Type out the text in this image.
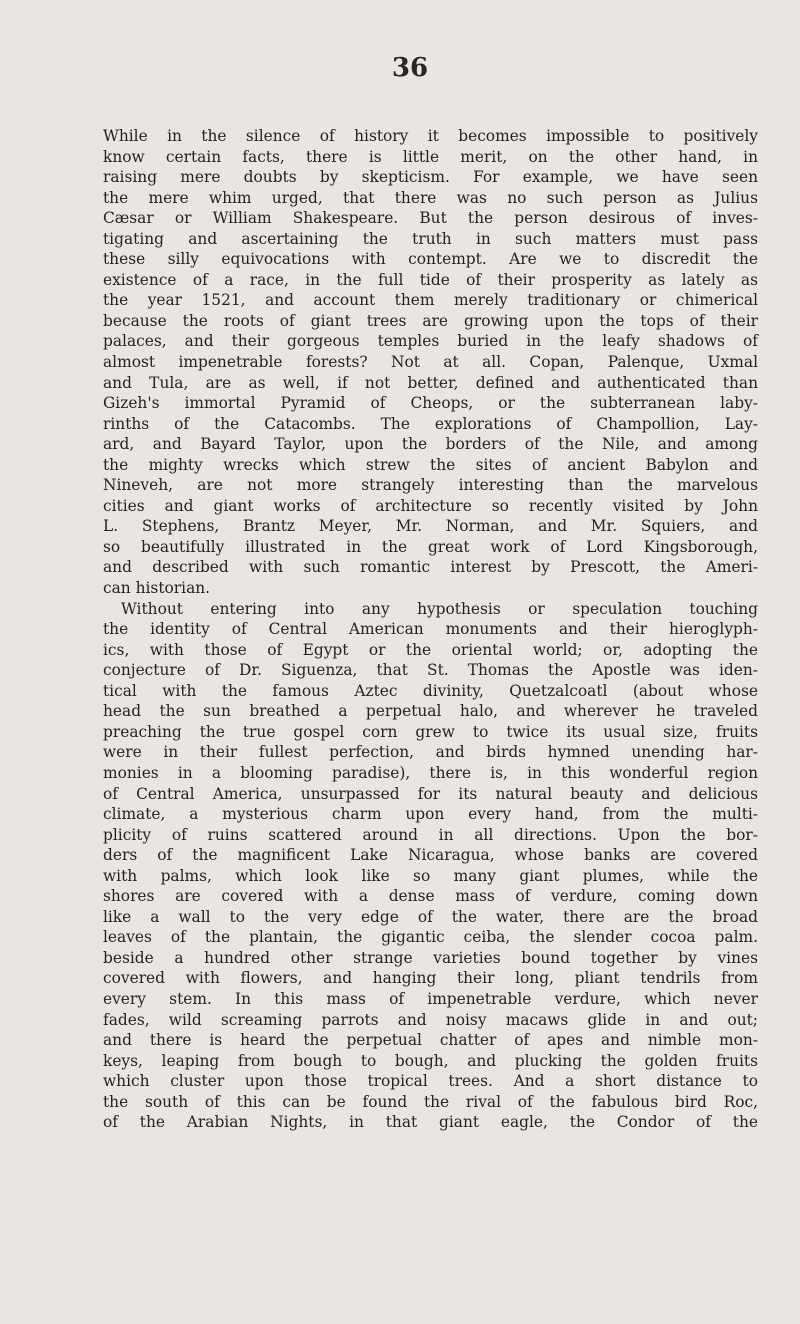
36
While in the silence of history it becomes impossible to positively
know certain facts, there is little merit, on the other hand, in
raising mere doubts by skepticism. For example, we have seen
the mere whim urged, that there was no such person as Julius
Cæsar or William Shakespeare. But the person desirous of inves-
tigating and ascertaining the truth in such matters must pass
these silly equivocations with contempt. Are we to discredit the
existence of a race, in the full tide of their prosperity as lately as
the year 1521, and account them merely traditionary or chimerical
because the roots of giant trees are growing upon the tops of their
palaces, and their gorgeous temples buried in the leafy shadows of
almost impenetrable forests? Not at all. Copan, Palenque, Uxmal
and Tula, are as well, if not better, defined and authenticated than
Gizeh's immortal Pyramid of Cheops, or the subterranean laby-
rinths of the Catacombs. The explorations of Champollion, Lay-
ard, and Bayard Taylor, upon the borders of the Nile, and among
the mighty wrecks which strew the sites of ancient Babylon and
Nineveh, are not more strangely interesting than the marvelous
cities and giant works of architecture so recently visited by John
L. Stephens, Brantz Meyer, Mr. Norman, and Mr. Squiers, and
so beautifully illustrated in the great work of Lord Kingsborough,
and described with such romantic interest by Prescott, the Ameri-
can historian.
Without entering into any hypothesis or speculation touching
the identity of Central American monuments and their hieroglyph-
ics, with those of Egypt or the oriental world; or, adopting the
conjecture of Dr. Siguenza, that St. Thomas the Apostle was iden-
tical with the famous Aztec divinity, Quetzalcoatl (about whose
head the sun breathed a perpetual halo, and wherever he traveled
preaching the true gospel corn grew to twice its usual size, fruits
were in their fullest perfection, and birds hymned unending har-
monies in a blooming paradise), there is, in this wonderful region
of Central America, unsurpassed for its natural beauty and delicious
climate, a mysterious charm upon every hand, from the multi-
plicity of ruins scattered around in all directions. Upon the bor-
ders of the magnificent Lake Nicaragua, whose banks are covered
with palms, which look like so many giant plumes, while the
shores are covered with a dense mass of verdure, coming down
like a wall to the very edge of the water, there are the broad
leaves of the plantain, the gigantic ceiba, the slender cocoa palm.
beside a hundred other strange varieties bound together by vines
covered with flowers, and hanging their long, pliant tendrils from
every stem. In this mass of impenetrable verdure, which never
fades, wild screaming parrots and noisy macaws glide in and out;
and there is heard the perpetual chatter of apes and nimble mon-
keys, leaping from bough to bough, and plucking the golden fruits
which cluster upon those tropical trees. And a short distance to
the south of this can be found the rival of the fabulous bird Roc,
of the Arabian Nights, in that giant eagle, the Condor of the
